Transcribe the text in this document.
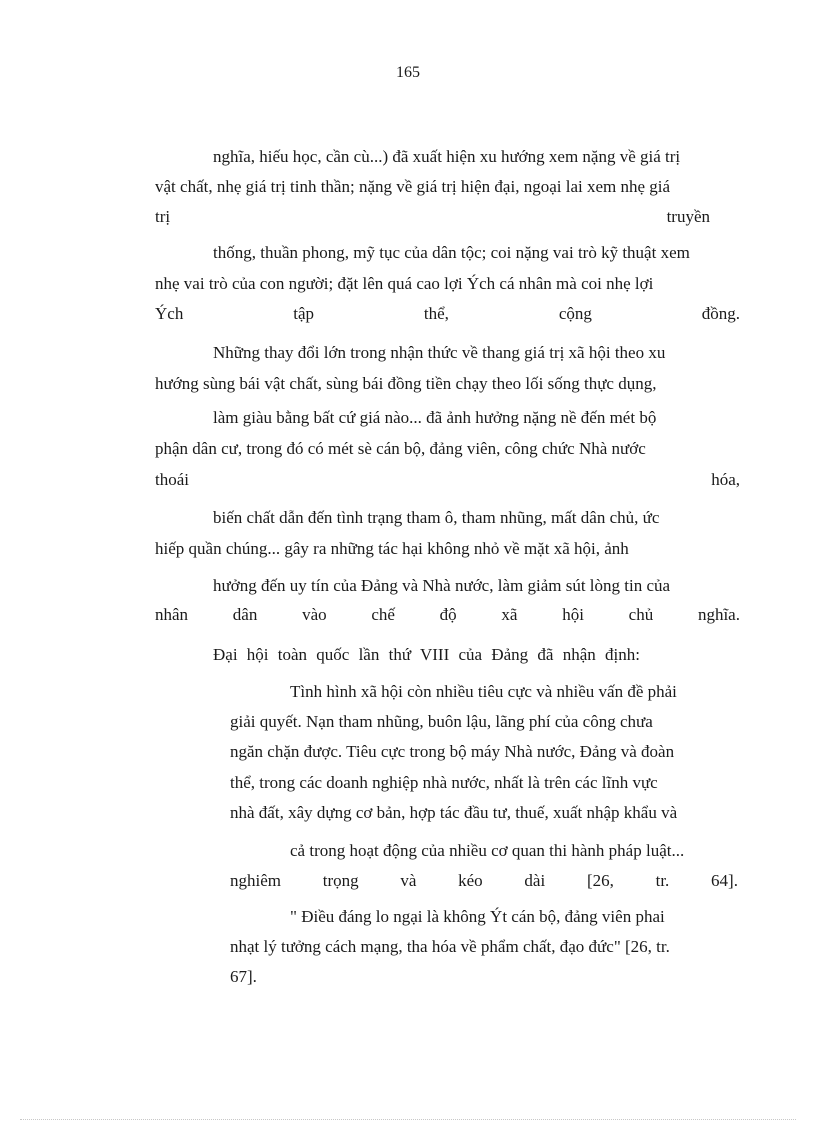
165
nghĩa, hiếu học, cần cù...) đã xuất hiện xu hướng xem nặng về giá trị
vật chất, nhẹ giá trị tinh thần; nặng về giá trị hiện đại, ngoại lai xem nhẹ giá
trị	truyền
thống, thuần phong, mỹ tục của dân tộc; coi nặng vai trò kỹ thuật xem
nhẹ vai trò của con người; đặt lên quá cao lợi Ých cá nhân mà coi nhẹ lợi
Ých	tập	thể,	cộng	đồng.
Những thay đổi lớn trong nhận thức về thang giá trị xã hội theo xu
hướng sùng bái vật chất, sùng bái đồng tiền chạy theo lối sống thực dụng,
làm giàu bằng bất cứ giá nào... đã ảnh hưởng nặng nề đến mét bộ
phận dân cư, trong đó có mét sè cán bộ, đảng viên, công chức Nhà nước
thoái	hóa,
biến chất dẫn đến tình trạng tham ô, tham nhũng, mất dân chủ, ức
hiếp quần chúng... gây ra những tác hại không nhỏ về mặt xã hội, ảnh
hưởng đến uy tín của Đảng và Nhà nước, làm giảm sút lòng tin của
nhân	dân	vào	chế	độ	xã	hội	chủ	nghĩa.
Đại hội toàn quốc lần thứ VIII của Đảng đã nhận định:
Tình hình xã hội còn nhiều tiêu cực và nhiều vấn đề phải
giải quyết. Nạn tham nhũng, buôn lậu, lãng phí của công chưa
ngăn chặn được. Tiêu cực trong bộ máy Nhà nước, Đảng và đoàn
thể, trong các doanh nghiệp nhà nước, nhất là trên các lĩnh vực
nhà đất, xây dựng cơ bản, hợp tác đầu tư, thuế, xuất nhập khẩu và
cả trong hoạt động của nhiều cơ quan thi hành pháp luật...
nghiêm trọng và kéo dài [26, tr. 64].
" Điều đáng lo ngại là không Ýt cán bộ, đảng viên phai
nhạt lý tưởng cách mạng, tha hóa về phẩm chất, đạo đức" [26, tr.
67].
